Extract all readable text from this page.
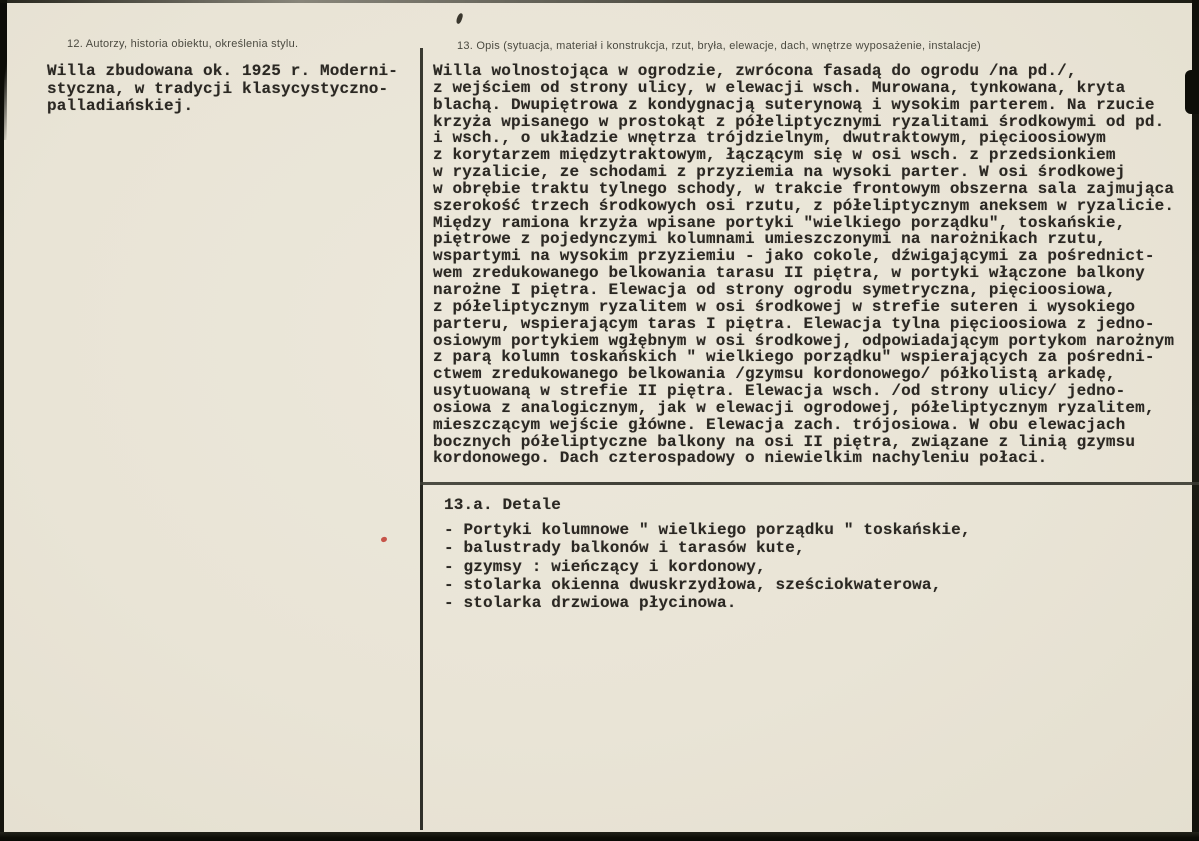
12. Autorzy, historia obiektu, określenia stylu.
Willa zbudowana ok. 1925 r. Moderni-
styczna, w tradycji klasycystyczno-
palladiańskiej.
13. Opis (sytuacja, materiał i konstrukcja, rzut, bryła, elewacje, dach, wnętrze wyposażenie, instalacje)
Willa wolnostojąca w ogrodzie, zwrócona fasadą do ogrodu /na pd./,
z wejściem od strony ulicy, w elewacji wsch. Murowana, tynkowana, kryta
blachą. Dwupiętrowa z kondygnacją suterynową i wysokim parterem. Na rzucie
krzyża wpisanego w prostokąt z półeliptycznymi ryzalitami środkowymi od pd.
i wsch., o układzie wnętrza trójdzielnym, dwutraktowym, pięcioosiowym
z korytarzem międzytraktowym, łączącym się w osi wsch. z przedsionkiem
w ryzalicie, ze schodami z przyziemia na wysoki parter. W osi środkowej
w obrębie traktu tylnego schody, w trakcie frontowym obszerna sala zajmująca
szerokość trzech środkowych osi rzutu, z półeliptycznym aneksem w ryzalicie.
Między ramiona krzyża wpisane portyki "wielkiego porządku", toskańskie,
piętrowe z pojedynczymi kolumnami umieszczonymi na narożnikach rzutu,
wspartymi na wysokim przyziemiu - jako cokole, dźwigającymi za pośrednict-
wem zredukowanego belkowania tarasu II piętra, w portyki włączone balkony
narożne I piętra. Elewacja od strony ogrodu symetryczna, pięcioosiowa,
z półeliptycznym ryzalitem w osi środkowej w strefie suteren i wysokiego
parteru, wspierającym taras I piętra. Elewacja tylna pięcioosiowa z jedno-
osiowym portykiem wgłębnym w osi środkowej, odpowiadającym portykom narożnym
z parą kolumn toskańskich " wielkiego porządku" wspierających za pośredni-
ctwem zredukowanego belkowania /gzymsu kordonowego/ półkolistą arkadę,
usytuowaną w strefie II piętra. Elewacja wsch. /od strony ulicy/ jedno-
osiowa z analogicznym, jak w elewacji ogrodowej, półeliptycznym ryzalitem,
mieszczącym wejście główne. Elewacja zach. trójosiowa. W obu elewacjach
bocznych półeliptyczne balkony na osi II piętra, związane z linią gzymsu
kordonowego. Dach czterospadowy o niewielkim nachyleniu połaci.
13.a. Detale
- Portyki kolumnowe " wielkiego porządku " toskańskie,
- balustrady balkonów i tarasów kute,
- gzymsy : wieńczący i kordonowy,
- stolarka okienna dwuskrzydłowa, sześciokwaterowa,
- stolarka drzwiowa płycinowa.
